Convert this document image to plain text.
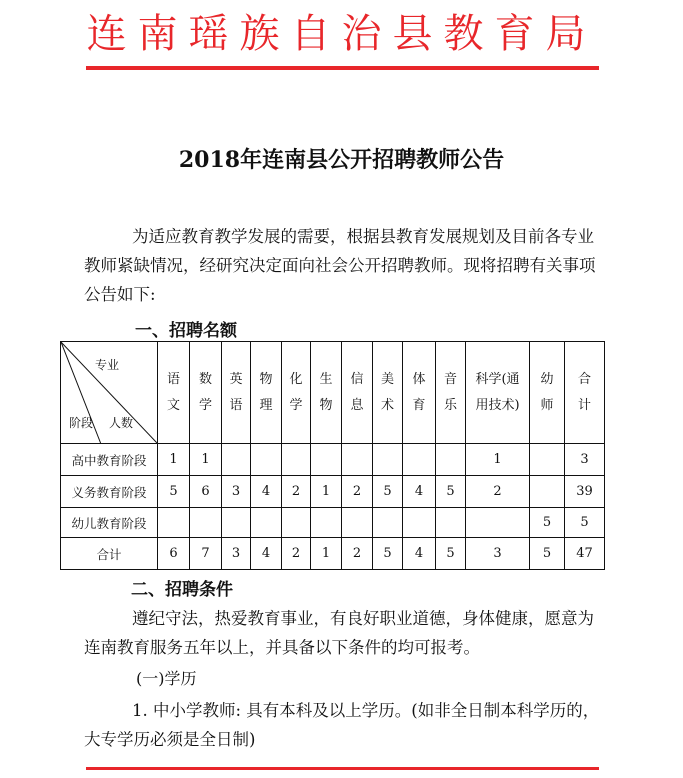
连南瑶族自治县教育局
2018年连南县公开招聘教师公告
为适应教育教学发展的需要，根据县教育发展规划及目前各专业教师紧缺情况，经研究决定面向社会公开招聘教师。现将招聘有关事项公告如下:
一、招聘名额
专业
阶段 人数	语文	数学	英语	物理	化学	生物	信息	美术	体育	音乐	科学(通用技术)	幼师	合计
高中教育阶段	1	1									1		3
义务教育阶段	5	6	3	4	2	1	2	5	4	5	2		39
幼儿教育阶段												5	5
合计	6	7	3	4	2	1	2	5	4	5	3	5	47
二、招聘条件
遵纪守法，热爱教育事业，有良好职业道德，身体健康，愿意为连南教育服务五年以上，并具备以下条件的均可报考。
(一)学历
1. 中小学教师: 具有本科及以上学历。(如非全日制本科学历的，大专学历必须是全日制)
